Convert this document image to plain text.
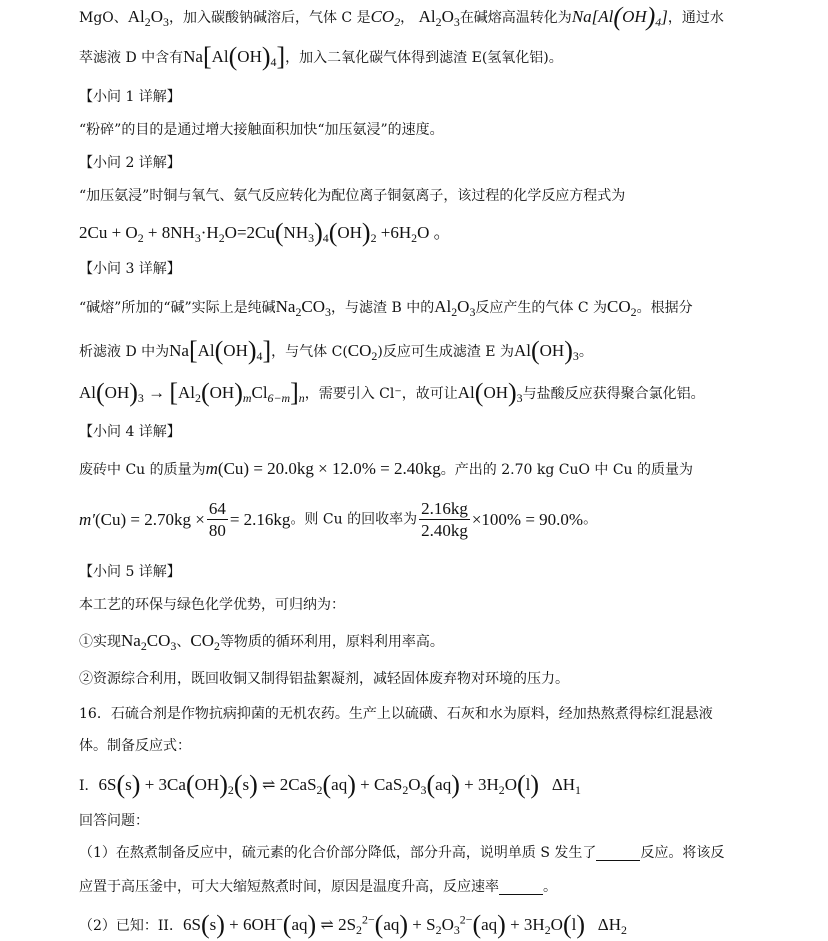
MgO、$Al_2O_3$，加入碳酸钠碱溶后，气体 C 是$CO_2$， $Al_2O_3$在碱熔高温转化为$Na[Al(OH)_4]$，通过水
萃滤液 D 中含有$Na[Al(OH)_4]$，加入二氧化碳气体得到滤渣 E(氢氧化铝)。
【小问 1 详解】
“粉碎”的目的是通过增大接触面积加快“加压氨浸”的速度。
【小问 2 详解】
“加压氨浸”时铜与氧气、氨气反应转化为配位离子铜氨离子，该过程的化学反应方程式为
$2Cu + O_2 + 8NH_3\cdot H_2O=2Cu(NH_3)_4(OH)_2 +6H_2O$ 。
【小问 3 详解】
“碱熔”所加的“碱”实际上是纯碱$Na_2CO_3$，与滤渣 B 中的$Al_2O_3$反应产生的气体 C 为$CO_2$。根据分
析滤液 D 中为$Na[Al(OH)_4]$，与气体 $C(CO_2)$反应可生成滤渣 E 为$Al(OH)_3$。
$Al(OH)_3 \to [Al_2(OH)_mCl_{6-m}]_n$，需要引入 Cl⁻，故可让$Al(OH)_3$与盐酸反应获得聚合氯化铝。
【小问 4 详解】
废砖中 Cu 的质量为m(Cu) = 20.0kg × 12.0% = 2.40kg。产出的 2.70 kg CuO 中 Cu 的质量为
$m'(Cu) = 2.70kg \times \frac{64}{80} = 2.16kg$。则 Cu 的回收率为 $\frac{2.16kg}{2.40kg} \times 100\% = 90.0\%$。
【小问 5 详解】
本工艺的环保与绿色化学优势，可归纳为：
①实现$Na_2CO_3$、$CO_2$等物质的循环利用，原料利用率高。
②资源综合利用，既回收铜又制得铝盐絮凝剂，减轻固体废弃物对环境的压力。
16．石硫合剂是作物抗病抑菌的无机农药。生产上以硫磺、石灰和水为原料，经加热熬煮得棕红混悬液
体。制备反应式：
I．$6S(s) + 3Ca(OH)_2(s)$ ⇌ $2CaS_2(aq) + CaS_2O_3(aq) + 3H_2O(l)$ $\Delta H_1$
回答问题：
（1）在熬煮制备反应中，硫元素的化合价部分降低，部分升高，说明单质 S 发生了	反应。将该反
应置于高压釜中，可大大缩短熬煮时间，原因是温度升高，反应速率	。
（2）已知：II．6S(s) + 6OH−(aq) ⇌ $2S_2^{2-}(aq) + S_2O_3^{2-}(aq) + 3H_2O(l)$ $\Delta H_2$
